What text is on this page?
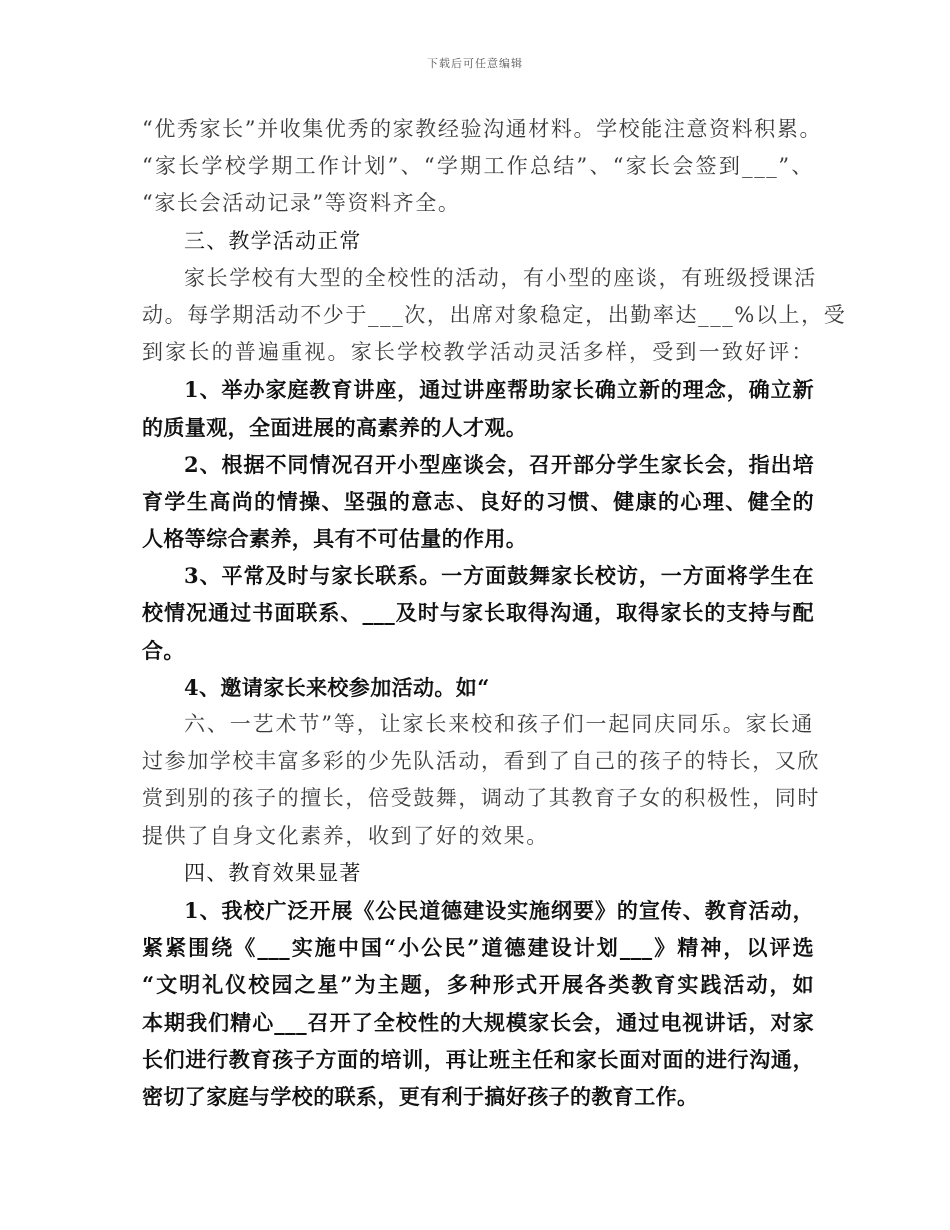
下载后可任意编辑
“优秀家长”并收集优秀的家教经验沟通材料。学校能注意资料积累。
“家长学校学期工作计划”、“学期工作总结”、“家长会签到___”、
“家长会活动记录”等资料齐全。
三、教学活动正常
家长学校有大型的全校性的活动，有小型的座谈，有班级授课活
动。每学期活动不少于___次，出席对象稳定，出勤率达___%以上，受
到家长的普遍重视。家长学校教学活动灵活多样，受到一致好评：
1、举办家庭教育讲座，通过讲座帮助家长确立新的理念，确立新
的质量观，全面进展的高素养的人才观。
2、根据不同情况召开小型座谈会，召开部分学生家长会，指出培
育学生高尚的情操、坚强的意志、良好的习惯、健康的心理、健全的
人格等综合素养，具有不可估量的作用。
3、平常及时与家长联系。一方面鼓舞家长校访，一方面将学生在
校情况通过书面联系、___及时与家长取得沟通，取得家长的支持与配
合。
4、邀请家长来校参加活动。如“
六、一艺术节”等，让家长来校和孩子们一起同庆同乐。家长通
过参加学校丰富多彩的少先队活动，看到了自己的孩子的特长，又欣
赏到别的孩子的擅长，倍受鼓舞，调动了其教育子女的积极性，同时
提供了自身文化素养，收到了好的效果。
四、教育效果显著
1、我校广泛开展《公民道德建设实施纲要》的宣传、教育活动，
紧紧围绕《___实施中国“小公民”道德建设计划___》精神，以评选
“文明礼仪校园之星”为主题，多种形式开展各类教育实践活动，如
本期我们精心___召开了全校性的大规模家长会，通过电视讲话，对家
长们进行教育孩子方面的培训，再让班主任和家长面对面的进行沟通，
密切了家庭与学校的联系，更有利于搞好孩子的教育工作。
